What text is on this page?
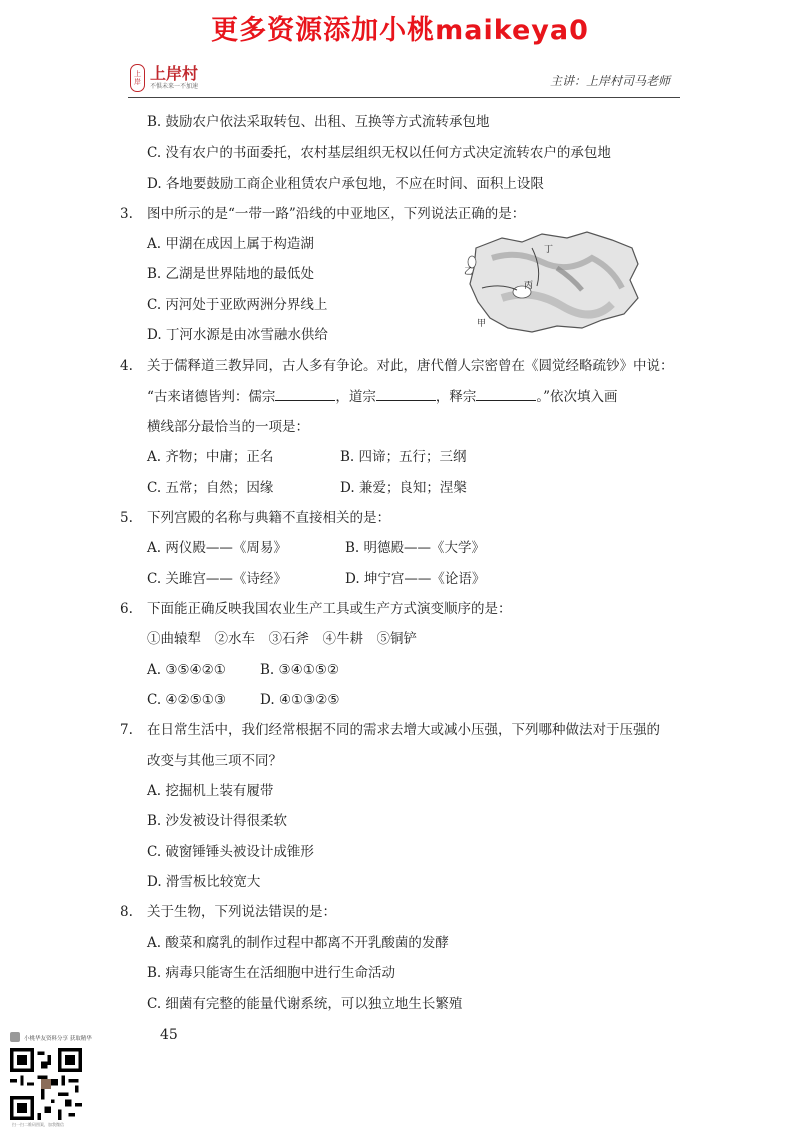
更多资源添加小桃maikeya0
上岸 上岸村
不惧未来一不加速	主讲：上岸村司马老师
B. 鼓励农户依法采取转包、出租、互换等方式流转承包地
C. 没有农户的书面委托，农村基层组织无权以任何方式决定流转农户的承包地
D. 各地要鼓励工商企业租赁农户承包地，不应在时间、面积上设限
3. 图中所示的是“一带一路”沿线的中亚地区，下列说法正确的是：
A. 甲湖在成因上属于构造湖
B. 乙湖是世界陆地的最低处
C. 丙河处于亚欧两洲分界线上
D. 丁河水源是由冰雪融水供给
甲
乙
丙
丁
4. 关于儒释道三教异同，古人多有争论。对此，唐代僧人宗密曾在《圆觉经略疏钞》中说：
“古来诸德皆判：儒宗	，道宗	，释宗	。”依次填入画
横线部分最恰当的一项是：
A. 齐物；中庸；正名	B. 四谛；五行；三纲
C. 五常；自然；因缘	D. 兼爱；良知；涅槃
5. 下列宫殿的名称与典籍不直接相关的是：
A. 两仪殿——《周易》	B. 明德殿——《大学》
C. 关雎宫——《诗经》	D. 坤宁宫——《论语》
6. 下面能正确反映我国农业生产工具或生产方式演变顺序的是：
①曲辕犁　②水车　③石斧　④牛耕　⑤铜铲
A. ③⑤④②①	B. ③④①⑤②
C. ④②⑤①③	D. ④①③②⑤
7. 在日常生活中，我们经常根据不同的需求去增大或减小压强，下列哪种做法对于压强的
改变与其他三项不同？
A. 挖掘机上装有履带
B. 沙发被设计得很柔软
C. 破窗锤锤头被设计成锥形
D. 滑雪板比较宽大
8. 关于生物，下列说法错误的是：
A. 酸菜和腐乳的制作过程中都离不开乳酸菌的发酵
B. 病毒只能寄生在活细胞中进行生命活动
C. 细菌有完整的能量代谢系统，可以独立地生长繁殖
45
小桃华友资料分享 获取精华
扫一扫二维码图案，加我微信
